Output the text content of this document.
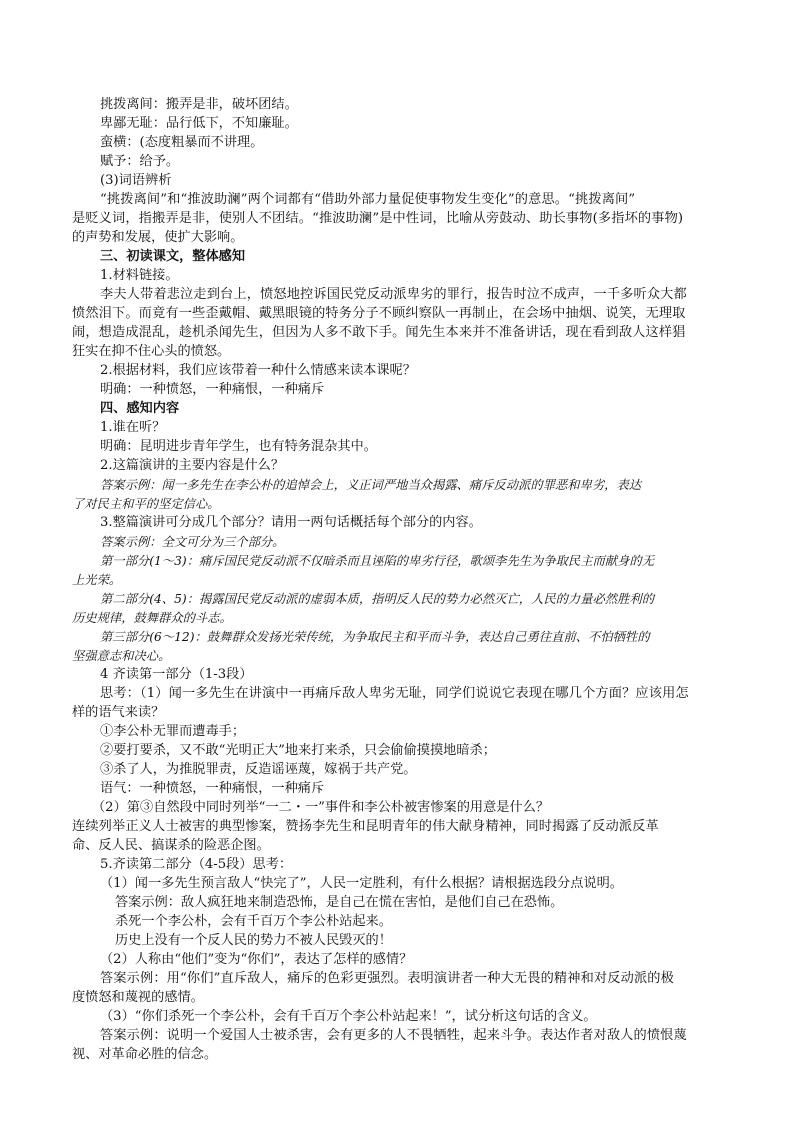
挑拨离间：搬弄是非，破坏团结。

卑鄙无耻：品行低下，不知廉耻。

蛮横：(态度粗暴而不讲理。

赋予：给予。

(3)词语辨析

“挑拨离间”和“推波助澜”两个词都有“借助外部力量促使事物发生变化”的意思。“挑拨离间”

是贬义词，指搬弄是非，使别人不团结。“推波助澜”是中性词，比喻从旁鼓动、助长事物(多指坏的事物)

的声势和发展，使扩大影响。

三、初读课文，整体感知

1.材料链接。

李夫人带着悲泣走到台上，愤怒地控诉国民党反动派卑劣的罪行，报告时泣不成声，一千多听众大都

愤然泪下。而竟有一些歪戴帽、戴黑眼镜的特务分子不顾纠察队一再制止，在会场中抽烟、说笑，无理取

闹，想造成混乱，趁机杀闻先生，但因为人多不敢下手。闻先生本来并不准备讲话，现在看到敌人这样猖

狂实在抑不住心头的愤怒。

2.根据材料，我们应该带着一种什么情感来读本课呢？

明确：一种愤怒，一种痛恨，一种痛斥

四、感知内容

1.谁在听？

明确：昆明进步青年学生，也有特务混杂其中。

2.这篇演讲的主要内容是什么？

答案示例：闻一多先生在李公朴的追悼会上，义正词严地当众揭露、痛斥反动派的罪恶和卑劣，表达

了对民主和平的坚定信心。

3.整篇演讲可分成几个部分？请用一两句话概括每个部分的内容。

答案示例：全文可分为三个部分。

第一部分(1～3)：痛斥国民党反动派不仅暗杀而且诬陷的卑劣行径，歌颂李先生为争取民主而献身的无

上光荣。

第二部分(4、5)：揭露国民党反动派的虚弱本质，指明反人民的势力必然灭亡，人民的力量必然胜利的

历史规律，鼓舞群众的斗志。

第三部分(6～12)：鼓舞群众发扬光荣传统，为争取民主和平而斗争，表达自己勇往直前、不怕牺牲的

坚强意志和决心。

4 齐读第一部分（1-3段）

思考：（1）闻一多先生在讲演中一再痛斥敌人卑劣无耻，同学们说说它表现在哪几个方面？应该用怎

样的语气来读？

①李公朴无罪而遭毒手；

②要打要杀，又不敢“光明正大”地来打来杀，只会偷偷摸摸地暗杀；

③杀了人，为推脱罪责，反造谣诬蔑，嫁祸于共产党。

语气：一种愤怒，一种痛恨，一种痛斥

（2）第③自然段中同时列举“一二・一”事件和李公朴被害惨案的用意是什么？

连续列举正义人士被害的典型惨案，赞扬李先生和昆明青年的伟大献身精神，同时揭露了反动派反革

命、反人民、搞谋杀的险恶企图。

5.齐读第二部分（4-5段）思考：

（1）闻一多先生预言敌人“快完了”，人民一定胜利，有什么根据？请根据选段分点说明。

答案示例：敌人疯狂地来制造恐怖，是自己在慌在害怕，是他们自己在恐怖。

杀死一个李公朴，会有千百万个李公朴站起来。

历史上没有一个反人民的势力不被人民毁灭的！

（2）人称由“他们”变为“你们”，表达了怎样的感情？

答案示例：用“你们”直斥敌人，痛斥的色彩更强烈。表明演讲者一种大无畏的精神和对反动派的极

度愤怒和蔑视的感情。

（3）“你们杀死一个李公朴，会有千百万个李公朴站起来！”，试分析这句话的含义。

答案示例：说明一个爱国人士被杀害，会有更多的人不畏牺牲，起来斗争。表达作者对敌人的愤恨蔑

视、对革命必胜的信念。
